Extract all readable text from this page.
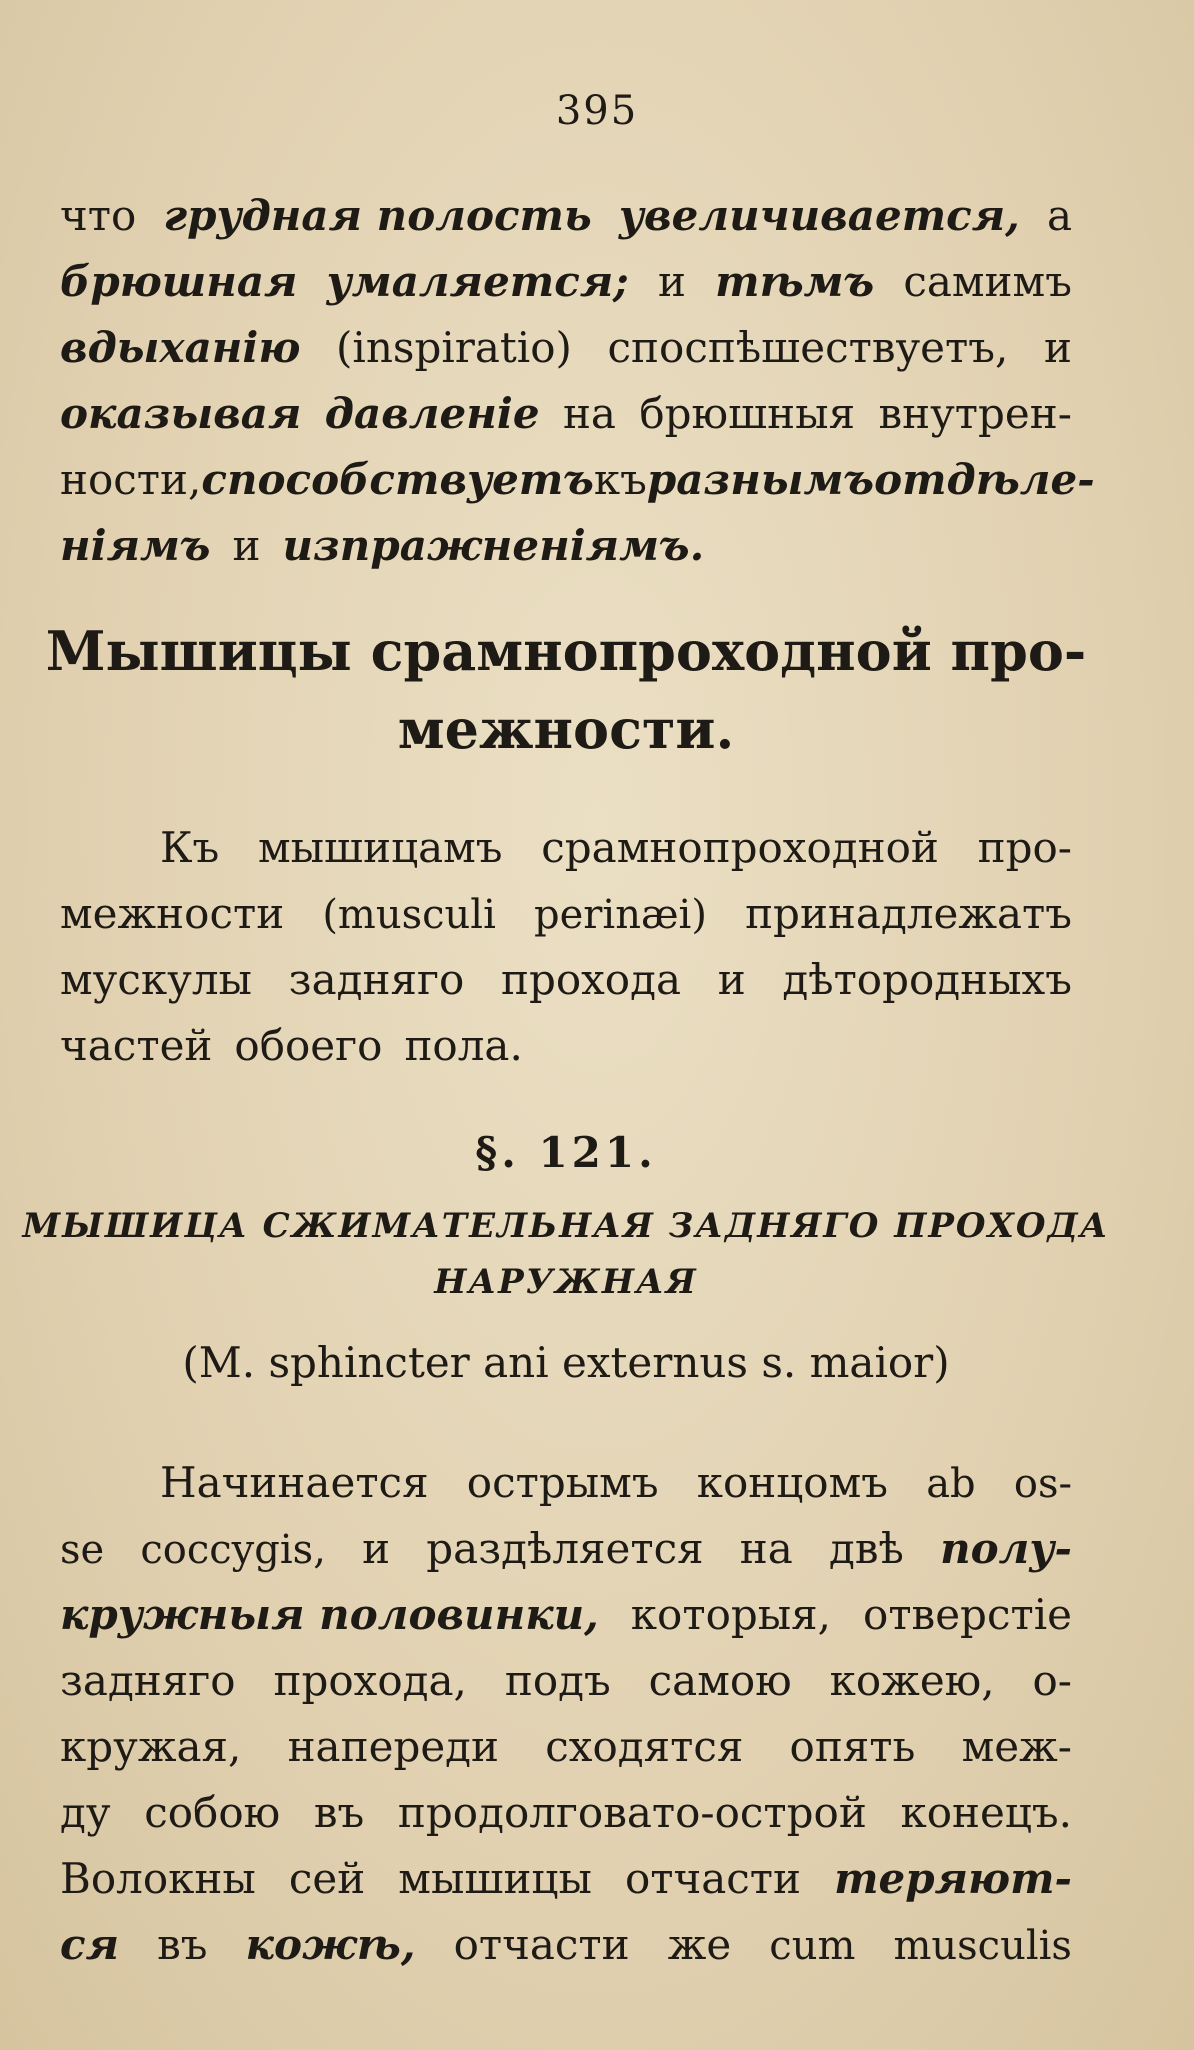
395
что грудная полость увеличивается, а
брюшная умаляется; и тѣмъ самимъ
вдыханію (inspiratio) споспѣшествуетъ, и
оказывая давленіе на брюшныя внутрен-
ности, способствуетъ къ разнымъ отдѣле-
ніямъ и изпражненіямъ.
Мышицы срамнопроходной про-
межности.
Къ мышицамъ срамнопроходной про-
межности (musculi perinæi) принадлежатъ
мускулы задняго прохода и дѣтородныхъ
частей обоего пола.
§. 121.
МЫШИЦА СЖИМАТЕЛЬНАЯ ЗАДНЯГО ПРОХОДА
НАРУЖНАЯ
(M. sphincter ani externus s. maior)
Начинается острымъ концомъ ab os-
se coccygis, и раздѣляется на двѣ полу-
кружныя половинки, которыя, отверстіе
задняго прохода, подъ самою кожею, о-
кружая, напереди сходятся опять меж-
ду собою въ продолговато-острой конецъ.
Волокны сей мышицы отчасти теряют-
ся въ кожѣ, отчасти же cum musculis
